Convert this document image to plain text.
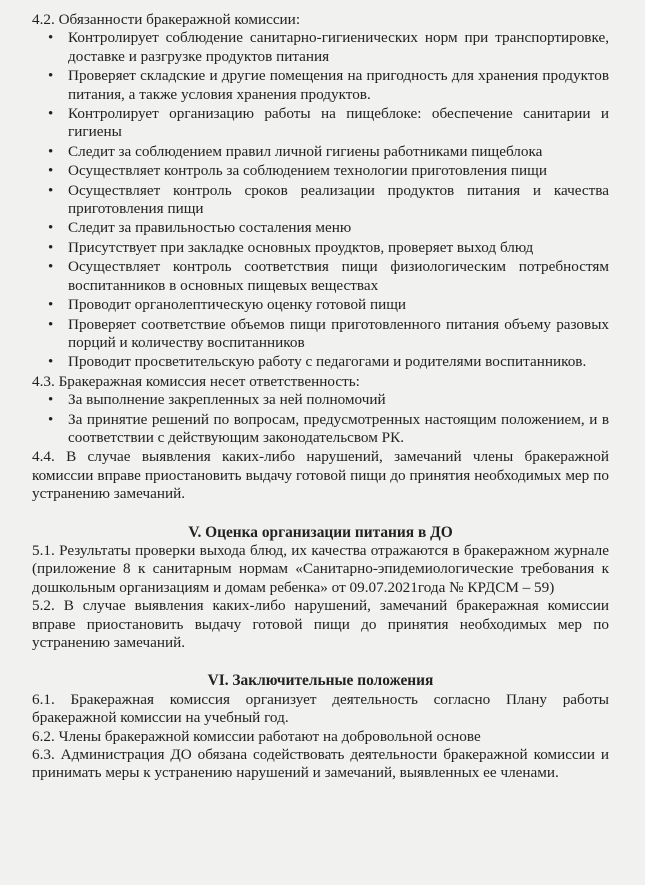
4.2. Обязанности бракеражной комиссии:

• Контролирует соблюдение санитарно-гигиенических норм при транспортировке, доставке и разгрузке продуктов питания
• Проверяет складские и другие помещения на пригодность для хранения продуктов питания, а также условия хранения продуктов.
• Контролирует организацию работы на пищеблоке: обеспечение санитарии и гигиены
• Следит за соблюдением правил личной гигиены работниками пищеблока
• Осуществляет контроль за соблюдением технологии приготовления пищи
• Осуществляет контроль сроков реализации продуктов питания и качества приготовления пищи
• Следит за правильностью состаления меню
• Присутствует при закладке основных проудктов, проверяет выход блюд
• Осуществляет контроль соответствия пищи физиологическим потребностям воспитанников в основных пищевых веществах
• Проводит органолептическую оценку готовой пищи
• Проверяет соответствие объемов пищи приготовленного питания объему разовых порций и количеству воспитанников
• Проводит просветительскую работу с педагогами и родителями воспитанников.

4.3. Бракеражная комиссия несет ответственность:

• За выполнение закрепленных за ней полномочий
• За принятие решений по вопросам, предусмотренных настоящим положением, и в соответствии с действующим законодательсвом РК.

4.4. В случае выявления каких-либо нарушений, замечаний члены бракеражной комиссии вправе приостановить выдачу готовой пищи до принятия необходимых мер по устранению замечаний.

V. Оценка организации питания в ДО

5.1. Результаты проверки выхода блюд, их качества отражаются в бракеражном журнале (приложение 8 к санитарным нормам «Санитарно-эпидемиологические требования к дошкольным организациям и домам ребенка» от 09.07.2021года № КРДСМ – 59)

5.2. В случае выявления каких-либо нарушений, замечаний бракеражная комиссии вправе приостановить выдачу готовой пищи до принятия необходимых мер по устранению замечаний.

VI. Заключительные положения

6.1. Бракеражная комиссия организует деятельность согласно Плану работы бракеражной комиссии на учебный год.

6.2. Члены бракеражной комиссии работают на добровольной основе

6.3. Администрация ДО обязана содействовать деятельности бракеражной комиссии и принимать меры к устранению нарушений и замечаний, выявленных ее членами.
